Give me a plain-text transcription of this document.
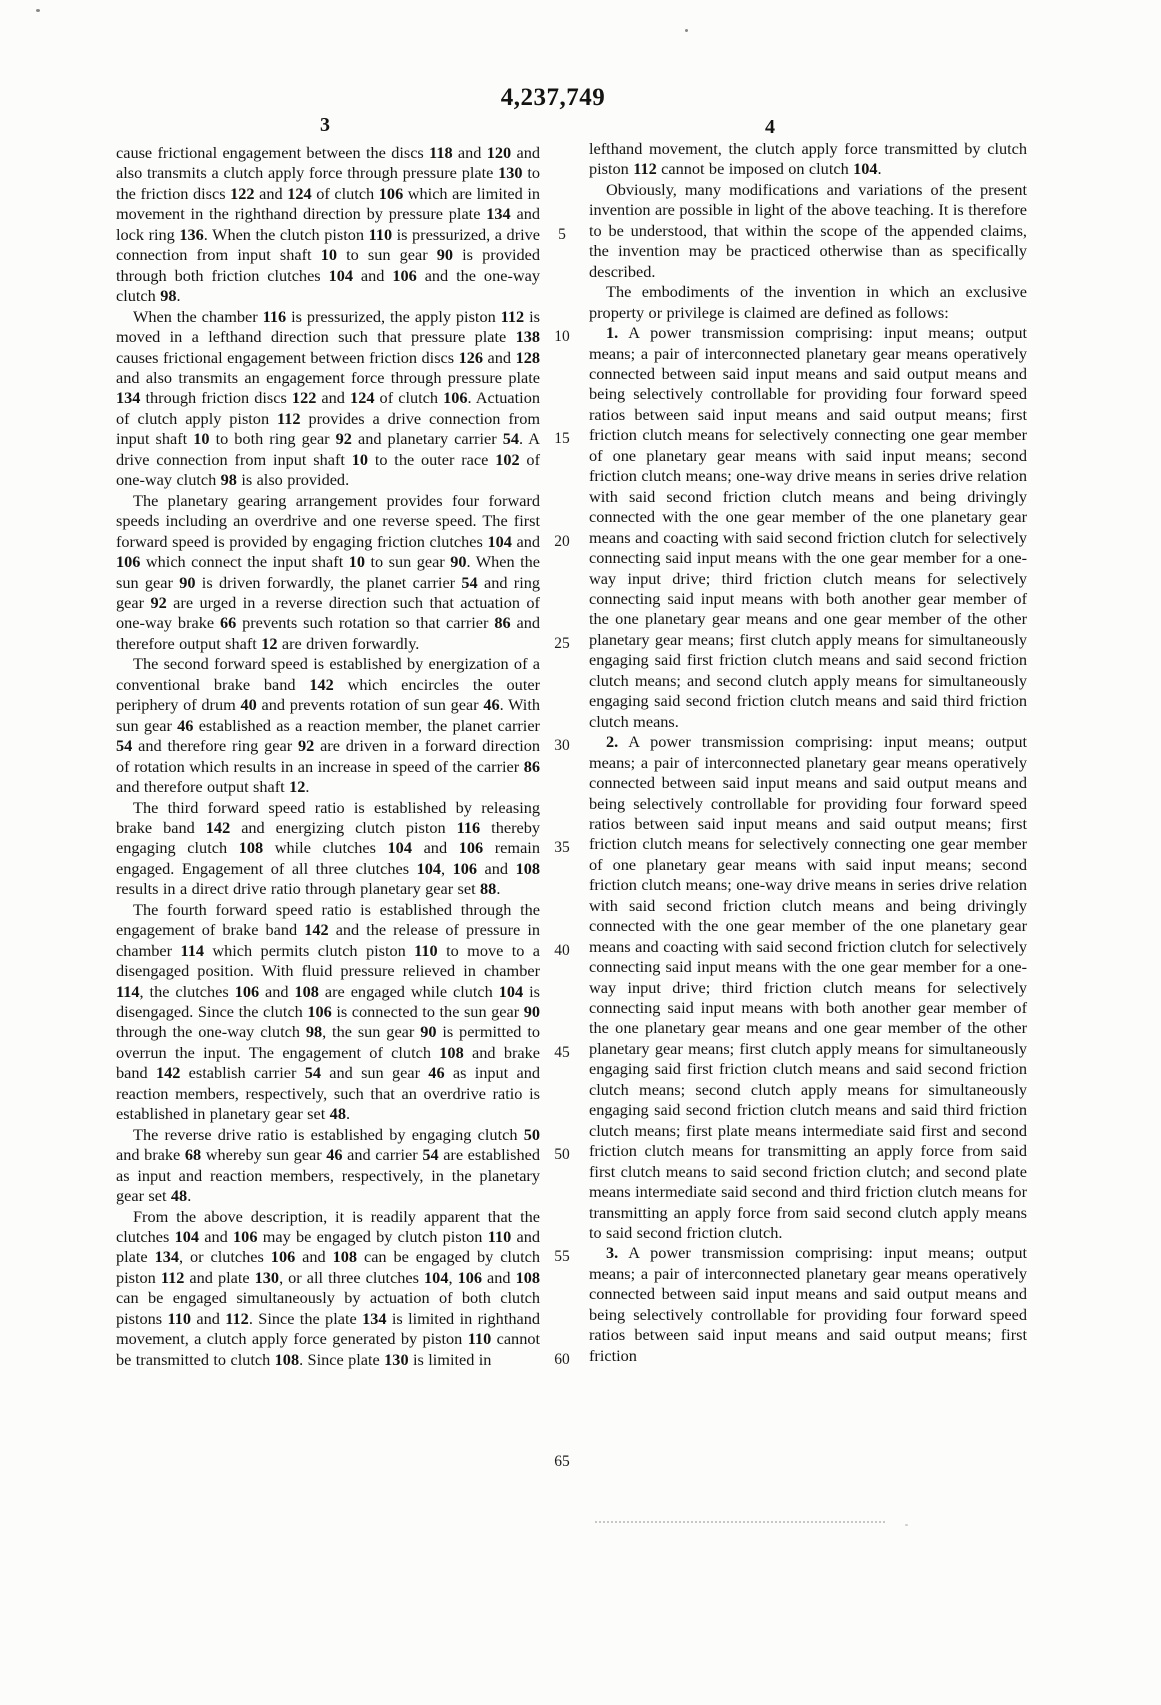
4,237,749
3	4
5
10
15
20
25
30
35
40
45
50
55
60
65

cause frictional engagement between the discs 118 and 120 and also transmits a clutch apply force through pressure plate 130 to the friction discs 122 and 124 of clutch 106 which are limited in movement in the righthand direction by pressure plate 134 and lock ring 136. When the clutch piston 110 is pressurized, a drive connection from input shaft 10 to sun gear 90 is provided through both friction clutches 104 and 106 and the one-way clutch 98.

When the chamber 116 is pressurized, the apply piston 112 is moved in a lefthand direction such that pressure plate 138 causes frictional engagement between friction discs 126 and 128 and also transmits an engagement force through pressure plate 134 through friction discs 122 and 124 of clutch 106. Actuation of clutch apply piston 112 provides a drive connection from input shaft 10 to both ring gear 92 and planetary carrier 54. A drive connection from input shaft 10 to the outer race 102 of one-way clutch 98 is also provided.

The planetary gearing arrangement provides four forward speeds including an overdrive and one reverse speed. The first forward speed is provided by engaging friction clutches 104 and 106 which connect the input shaft 10 to sun gear 90. When the sun gear 90 is driven forwardly, the planet carrier 54 and ring gear 92 are urged in a reverse direction such that actuation of one-way brake 66 prevents such rotation so that carrier 86 and therefore output shaft 12 are driven forwardly.

The second forward speed is established by energization of a conventional brake band 142 which encircles the outer periphery of drum 40 and prevents rotation of sun gear 46. With sun gear 46 established as a reaction member, the planet carrier 54 and therefore ring gear 92 are driven in a forward direction of rotation which results in an increase in speed of the carrier 86 and therefore output shaft 12.

The third forward speed ratio is established by releasing brake band 142 and energizing clutch piston 116 thereby engaging clutch 108 while clutches 104 and 106 remain engaged. Engagement of all three clutches 104, 106 and 108 results in a direct drive ratio through planetary gear set 88.

The fourth forward speed ratio is established through the engagement of brake band 142 and the release of pressure in chamber 114 which permits clutch piston 110 to move to a disengaged position. With fluid pressure relieved in chamber 114, the clutches 106 and 108 are engaged while clutch 104 is disengaged. Since the clutch 106 is connected to the sun gear 90 through the one-way clutch 98, the sun gear 90 is permitted to overrun the input. The engagement of clutch 108 and brake band 142 establish carrier 54 and sun gear 46 as input and reaction members, respectively, such that an overdrive ratio is established in planetary gear set 48.

The reverse drive ratio is established by engaging clutch 50 and brake 68 whereby sun gear 46 and carrier 54 are established as input and reaction members, respectively, in the planetary gear set 48.

From the above description, it is readily apparent that the clutches 104 and 106 may be engaged by clutch piston 110 and plate 134, or clutches 106 and 108 can be engaged by clutch piston 112 and plate 130, or all three clutches 104, 106 and 108 can be engaged simultaneously by actuation of both clutch pistons 110 and 112. Since the plate 134 is limited in righthand movement, a clutch apply force generated by piston 110 cannot be transmitted to clutch 108. Since plate 130 is limited in

lefthand movement, the clutch apply force transmitted by clutch piston 112 cannot be imposed on clutch 104.

Obviously, many modifications and variations of the present invention are possible in light of the above teaching. It is therefore to be understood, that within the scope of the appended claims, the invention may be practiced otherwise than as specifically described.

The embodiments of the invention in which an exclusive property or privilege is claimed are defined as follows:

1. A power transmission comprising: input means; output means; a pair of interconnected planetary gear means operatively connected between said input means and said output means and being selectively controllable for providing four forward speed ratios between said input means and said output means; first friction clutch means for selectively connecting one gear member of one planetary gear means with said input means; second friction clutch means; one-way drive means in series drive relation with said second friction clutch means and being drivingly connected with the one gear member of the one planetary gear means and coacting with said second friction clutch for selectively connecting said input means with the one gear member for a one-way input drive; third friction clutch means for selectively connecting said input means with both another gear member of the one planetary gear means and one gear member of the other planetary gear means; first clutch apply means for simultaneously engaging said first friction clutch means and said second friction clutch means; and second clutch apply means for simultaneously engaging said second friction clutch means and said third friction clutch means.

2. A power transmission comprising: input means; output means; a pair of interconnected planetary gear means operatively connected between said input means and said output means and being selectively controllable for providing four forward speed ratios between said input means and said output means; first friction clutch means for selectively connecting one gear member of one planetary gear means with said input means; second friction clutch means; one-way drive means in series drive relation with said second friction clutch means and being drivingly connected with the one gear member of the one planetary gear means and coacting with said second friction clutch for selectively connecting said input means with the one gear member for a one-way input drive; third friction clutch means for selectively connecting said input means with both another gear member of the one planetary gear means and one gear member of the other planetary gear means; first clutch apply means for simultaneously engaging said first friction clutch means and said second friction clutch means; second clutch apply means for simultaneously engaging said second friction clutch means and said third friction clutch means; first plate means intermediate said first and second friction clutch means for transmitting an apply force from said first clutch means to said second friction clutch; and second plate means intermediate said second and third friction clutch means for transmitting an apply force from said second clutch apply means to said second friction clutch.

3. A power transmission comprising: input means; output means; a pair of interconnected planetary gear means operatively connected between said input means and said output means and being selectively controllable for providing four forward speed ratios between said input means and said output means; first friction
